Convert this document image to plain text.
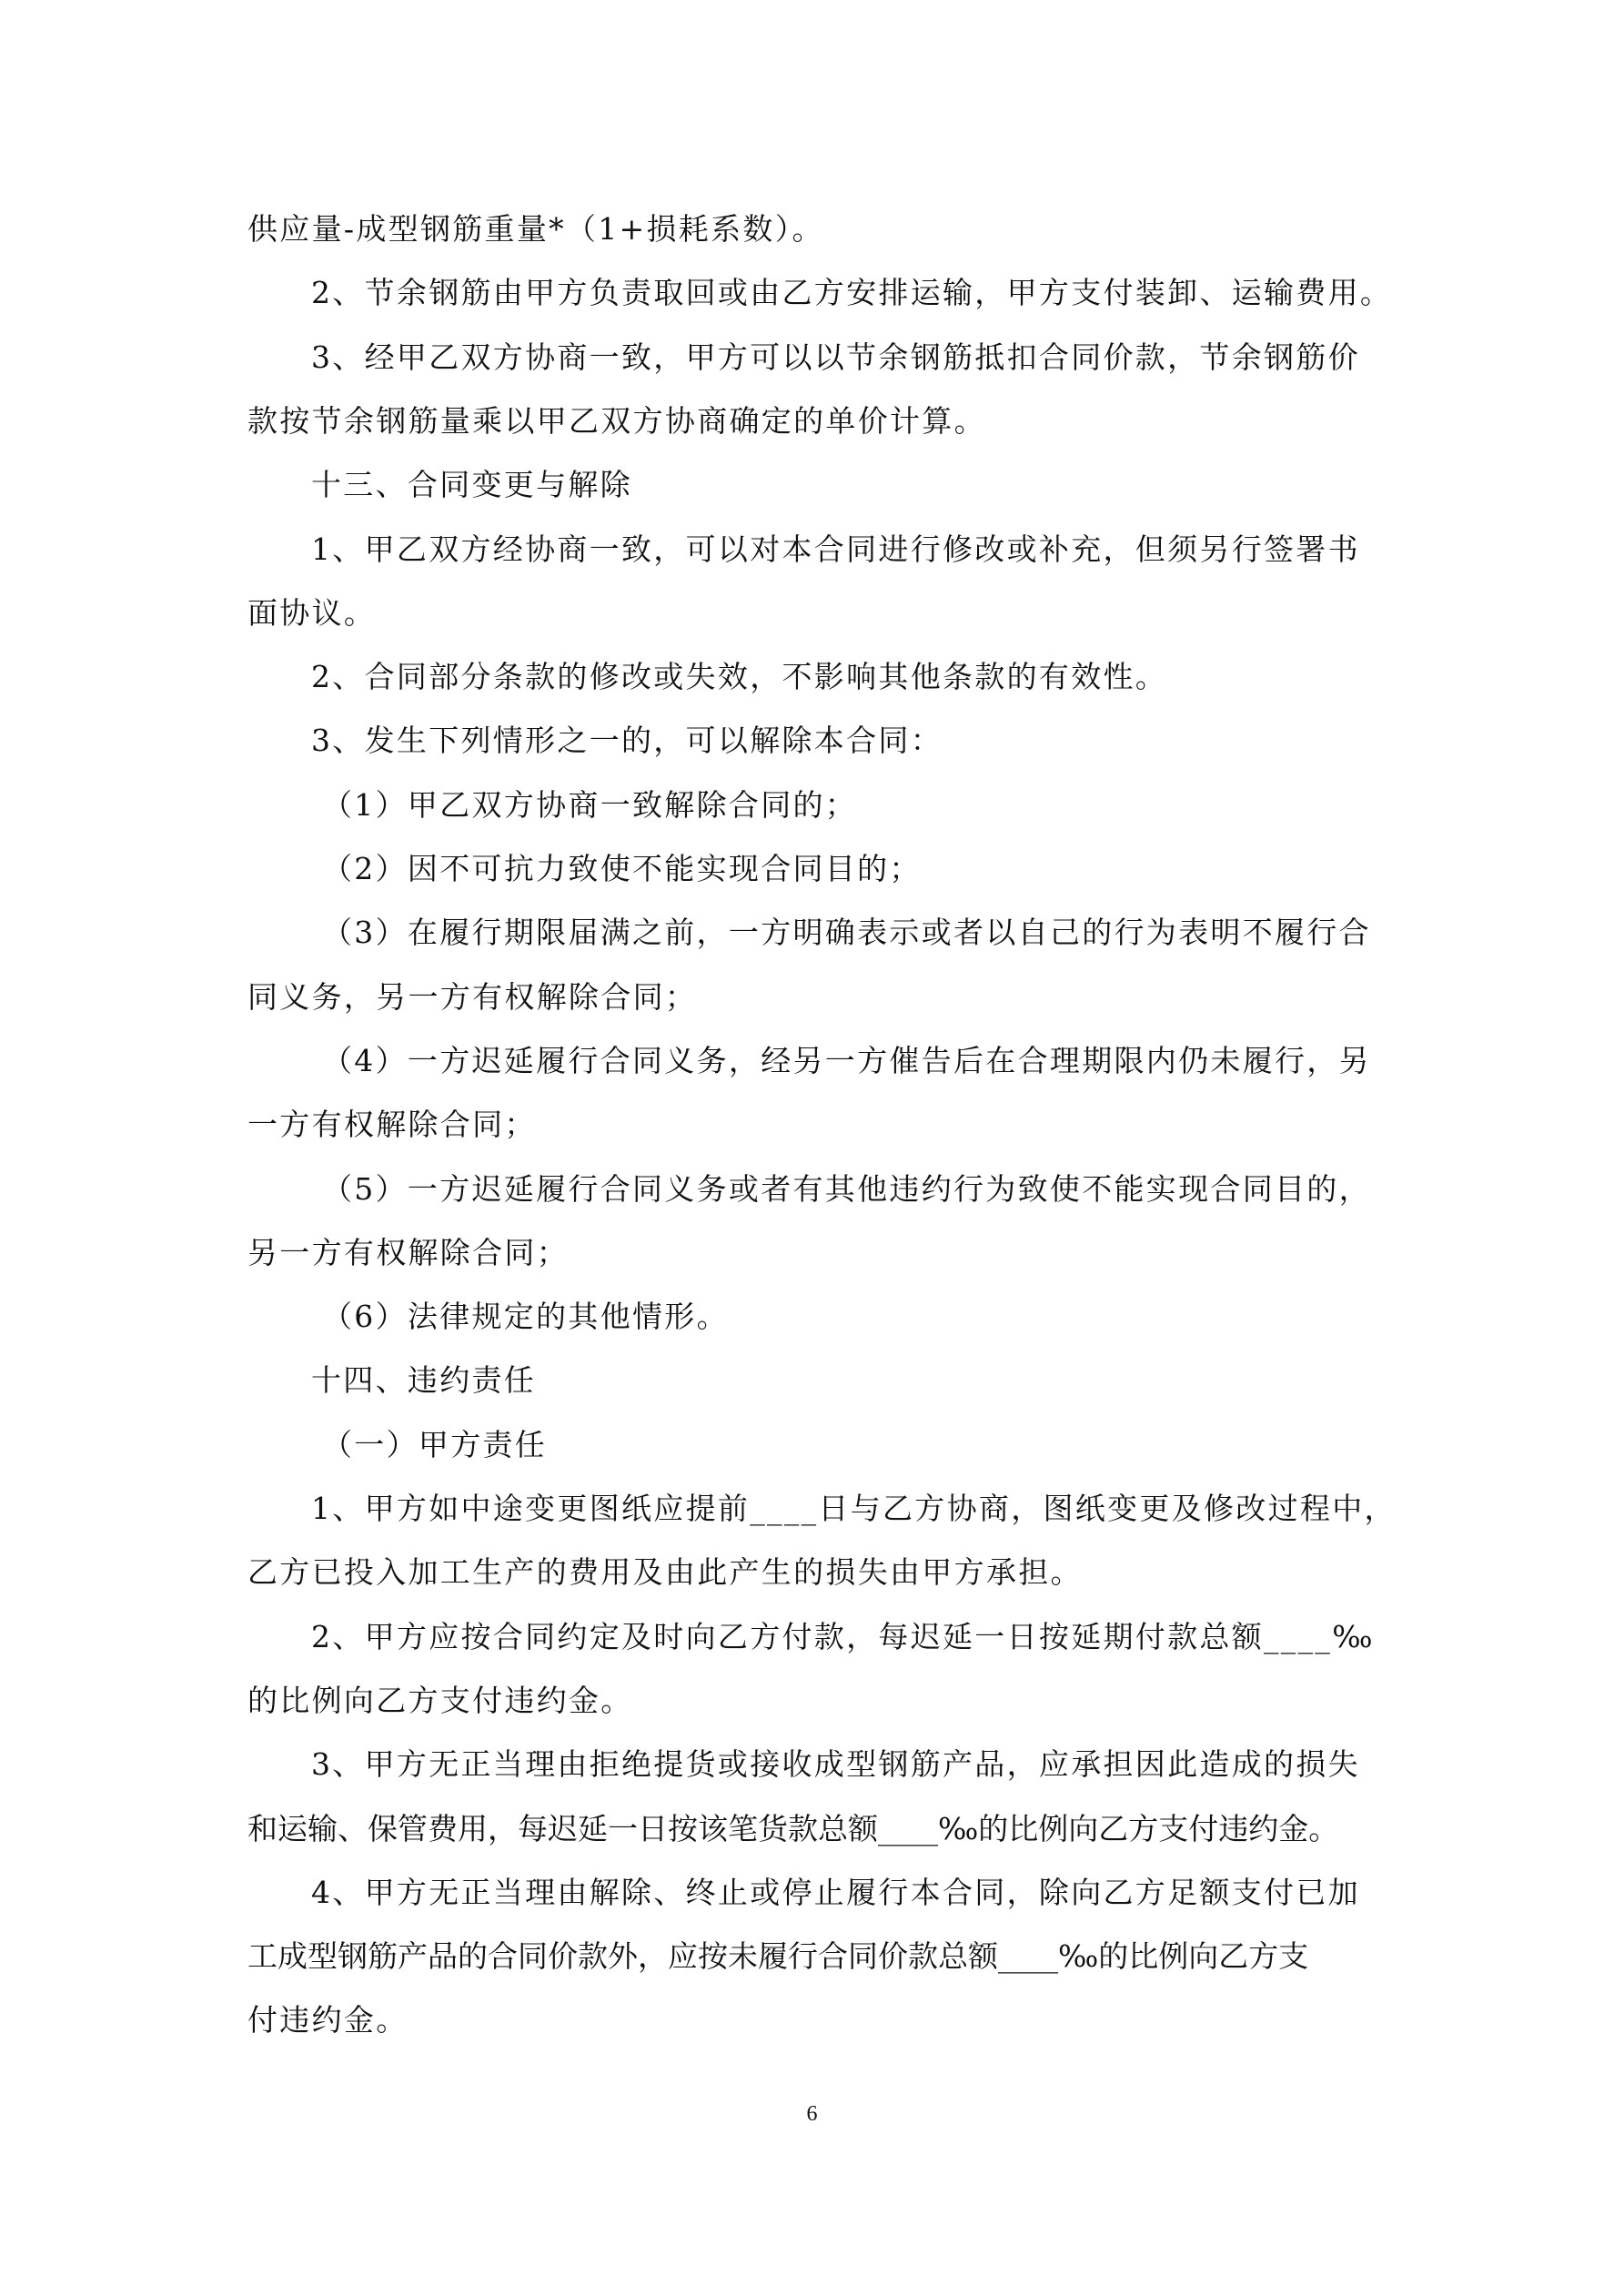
供应量-成型钢筋重量*（1+损耗系数）。
2、节余钢筋由甲方负责取回或由乙方安排运输，甲方支付装卸、运输费用。
3、经甲乙双方协商一致，甲方可以以节余钢筋抵扣合同价款，节余钢筋价
款按节余钢筋量乘以甲乙双方协商确定的单价计算。
十三、合同变更与解除
1、甲乙双方经协商一致，可以对本合同进行修改或补充，但须另行签署书
面协议。
2、合同部分条款的修改或失效，不影响其他条款的有效性。
3、发生下列情形之一的，可以解除本合同：
（1）甲乙双方协商一致解除合同的；
（2）因不可抗力致使不能实现合同目的；
（3）在履行期限届满之前，一方明确表示或者以自己的行为表明不履行合
同义务，另一方有权解除合同；
（4）一方迟延履行合同义务，经另一方催告后在合理期限内仍未履行，另
一方有权解除合同；
（5）一方迟延履行合同义务或者有其他违约行为致使不能实现合同目的，
另一方有权解除合同；
（6）法律规定的其他情形。
十四、违约责任
（一）甲方责任
1、甲方如中途变更图纸应提前____日与乙方协商，图纸变更及修改过程中，
乙方已投入加工生产的费用及由此产生的损失由甲方承担。
2、甲方应按合同约定及时向乙方付款，每迟延一日按延期付款总额____‰
的比例向乙方支付违约金。
3、甲方无正当理由拒绝提货或接收成型钢筋产品，应承担因此造成的损失
和运输、保管费用，每迟延一日按该笔货款总额____‰的比例向乙方支付违约金。
4、甲方无正当理由解除、终止或停止履行本合同，除向乙方足额支付已加
工成型钢筋产品的合同价款外，应按未履行合同价款总额____‰的比例向乙方支
付违约金。
6
